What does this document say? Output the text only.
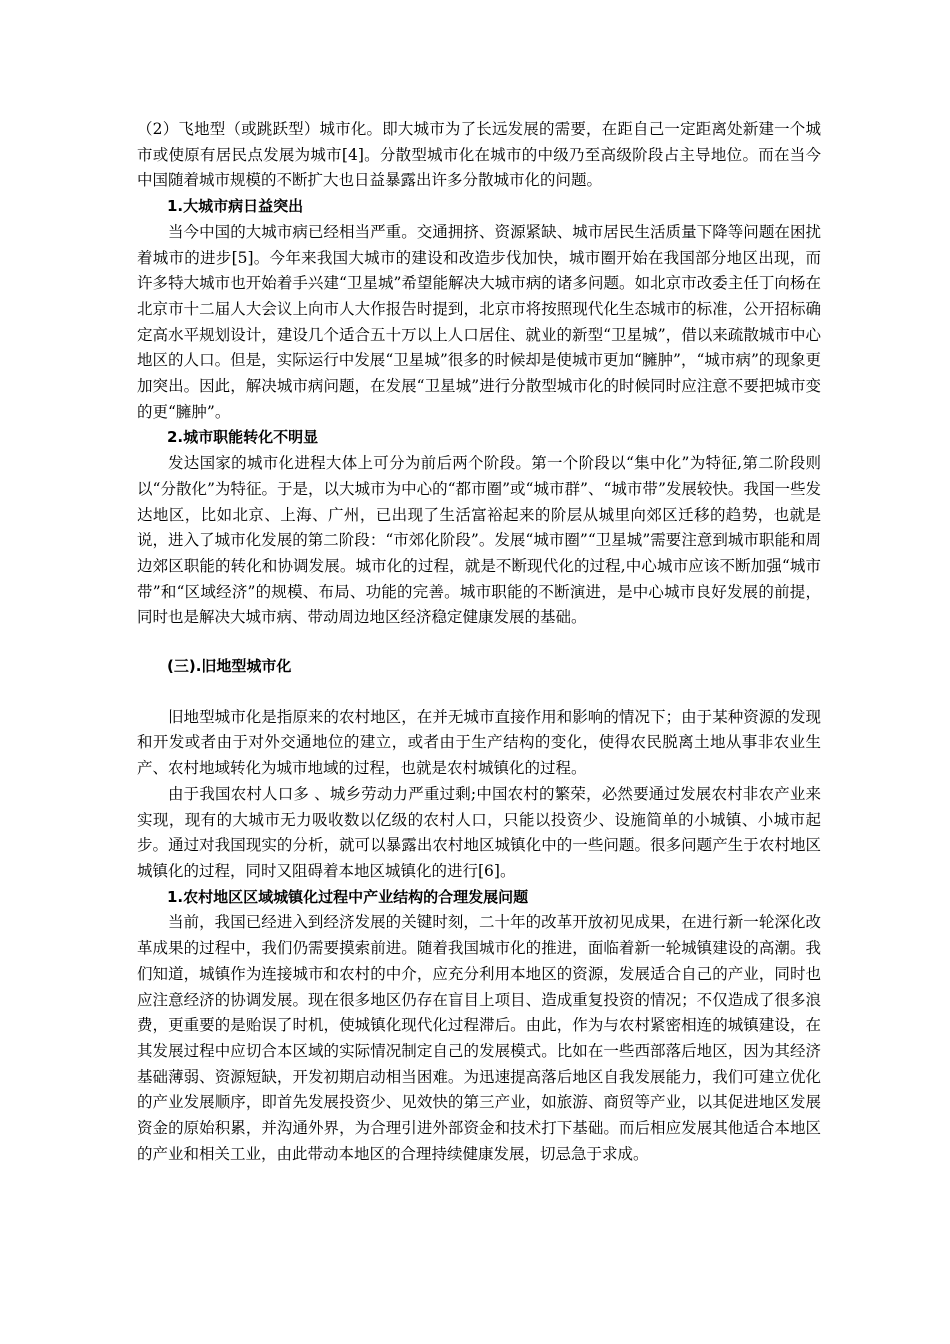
（2）飞地型（或跳跃型）城市化。即大城市为了长远发展的需要，在距自己一定距离处新建一个城市或使原有居民点发展为城市[4]。分散型城市化在城市的中级乃至高级阶段占主导地位。而在当今中国随着城市规模的不断扩大也日益暴露出许多分散城市化的问题。

1.大城市病日益突出

当今中国的大城市病已经相当严重。交通拥挤、资源紧缺、城市居民生活质量下降等问题在困扰着城市的进步[5]。今年来我国大城市的建设和改造步伐加快，城市圈开始在我国部分地区出现，而许多特大城市也开始着手兴建“卫星城”希望能解决大城市病的诸多问题。如北京市改委主任丁向杨在北京市十二届人大会议上向市人大作报告时提到，北京市将按照现代化生态城市的标准，公开招标确定高水平规划设计，建设几个适合五十万以上人口居住、就业的新型“卫星城”，借以来疏散城市中心地区的人口。但是，实际运行中发展“卫星城”很多的时候却是使城市更加“臃肿”，“城市病”的现象更加突出。因此，解决城市病问题，在发展“卫星城”进行分散型城市化的时候同时应注意不要把城市变的更“臃肿”。

2.城市职能转化不明显

发达国家的城市化进程大体上可分为前后两个阶段。第一个阶段以“集中化”为特征,第二阶段则以“分散化”为特征。于是，以大城市为中心的“都市圈”或“城市群”、“城市带”发展较快。我国一些发达地区，比如北京、上海、广州，已出现了生活富裕起来的阶层从城里向郊区迁移的趋势，也就是说，进入了城市化发展的第二阶段：“市郊化阶段”。发展“城市圈”“卫星城”需要注意到城市职能和周边郊区职能的转化和协调发展。城市化的过程，就是不断现代化的过程,中心城市应该不断加强“城市带”和“区域经济”的规模、布局、功能的完善。城市职能的不断演进，是中心城市良好发展的前提，同时也是解决大城市病、带动周边地区经济稳定健康发展的基础。

(三).旧地型城市化

旧地型城市化是指原来的农村地区，在并无城市直接作用和影响的情况下；由于某种资源的发现和开发或者由于对外交通地位的建立，或者由于生产结构的变化，使得农民脱离土地从事非农业生产、农村地域转化为城市地域的过程，也就是农村城镇化的过程。

由于我国农村人口多 、城乡劳动力严重过剩;中国农村的繁荣，必然要通过发展农村非农产业来实现，现有的大城市无力吸收数以亿级的农村人口，只能以投资少、设施简单的小城镇、小城市起步。通过对我国现实的分析，就可以暴露出农村地区城镇化中的一些问题。很多问题产生于农村地区城镇化的过程，同时又阻碍着本地区城镇化的进行[6]。

1.农村地区区域城镇化过程中产业结构的合理发展问题

当前，我国已经进入到经济发展的关键时刻，二十年的改革开放初见成果，在进行新一轮深化改革成果的过程中，我们仍需要摸索前进。随着我国城市化的推进，面临着新一轮城镇建设的高潮。我们知道，城镇作为连接城市和农村的中介，应充分利用本地区的资源，发展适合自己的产业，同时也应注意经济的协调发展。现在很多地区仍存在盲目上项目、造成重复投资的情况；不仅造成了很多浪费，更重要的是贻误了时机，使城镇化现代化过程滞后。由此，作为与农村紧密相连的城镇建设，在其发展过程中应切合本区域的实际情况制定自己的发展模式。比如在一些西部落后地区，因为其经济基础薄弱、资源短缺，开发初期启动相当困难。为迅速提高落后地区自我发展能力，我们可建立优化的产业发展顺序，即首先发展投资少、见效快的第三产业，如旅游、商贸等产业，以其促进地区发展资金的原始积累，并沟通外界，为合理引进外部资金和技术打下基础。而后相应发展其他适合本地区的产业和相关工业，由此带动本地区的合理持续健康发展，切忌急于求成。
